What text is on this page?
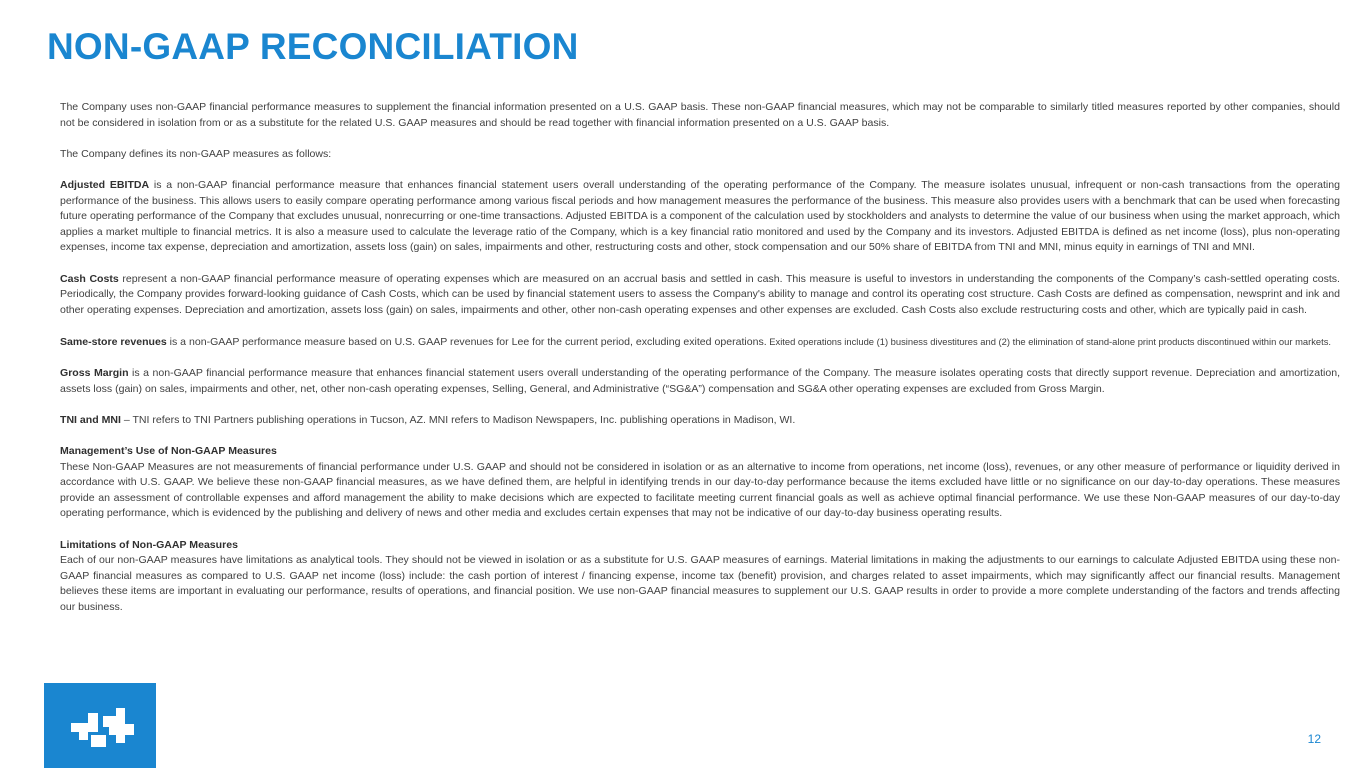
NON-GAAP RECONCILIATION

The Company uses non-GAAP financial performance measures to supplement the financial information presented on a U.S. GAAP basis. These non-GAAP financial measures, which may not be comparable to similarly titled measures reported by other companies, should not be considered in isolation from or as a substitute for the related U.S. GAAP measures and should be read together with financial information presented on a U.S. GAAP basis.

The Company defines its non-GAAP measures as follows:

Adjusted EBITDA is a non-GAAP financial performance measure that enhances financial statement users overall understanding of the operating performance of the Company. The measure isolates unusual, infrequent or non-cash transactions from the operating performance of the business. This allows users to easily compare operating performance among various fiscal periods and how management measures the performance of the business. This measure also provides users with a benchmark that can be used when forecasting future operating performance of the Company that excludes unusual, nonrecurring or one-time transactions. Adjusted EBITDA is a component of the calculation used by stockholders and analysts to determine the value of our business when using the market approach, which applies a market multiple to financial metrics. It is also a measure used to calculate the leverage ratio of the Company, which is a key financial ratio monitored and used by the Company and its investors. Adjusted EBITDA is defined as net income (loss), plus non-operating expenses, income tax expense, depreciation and amortization, assets loss (gain) on sales, impairments and other, restructuring costs and other, stock compensation and our 50% share of EBITDA from TNI and MNI, minus equity in earnings of TNI and MNI.

Cash Costs represent a non-GAAP financial performance measure of operating expenses which are measured on an accrual basis and settled in cash. This measure is useful to investors in understanding the components of the Company’s cash-settled operating costs. Periodically, the Company provides forward-looking guidance of Cash Costs, which can be used by financial statement users to assess the Company's ability to manage and control its operating cost structure. Cash Costs are defined as compensation, newsprint and ink and other operating expenses. Depreciation and amortization, assets loss (gain) on sales, impairments and other, other non-cash operating expenses and other expenses are excluded. Cash Costs also exclude restructuring costs and other, which are typically paid in cash.

Same-store revenues is a non-GAAP performance measure based on U.S. GAAP revenues for Lee for the current period, excluding exited operations. Exited operations include (1) business divestitures and (2) the elimination of stand-alone print products discontinued within our markets.

Gross Margin is a non-GAAP financial performance measure that enhances financial statement users overall understanding of the operating performance of the Company. The measure isolates operating costs that directly support revenue. Depreciation and amortization, assets loss (gain) on sales, impairments and other, net, other non-cash operating expenses, Selling, General, and Administrative (“SG&A”) compensation and SG&A other operating expenses are excluded from Gross Margin.

TNI and MNI – TNI refers to TNI Partners publishing operations in Tucson, AZ. MNI refers to Madison Newspapers, Inc. publishing operations in Madison, WI.

Management’s Use of Non-GAAP Measures
These Non-GAAP Measures are not measurements of financial performance under U.S. GAAP and should not be considered in isolation or as an alternative to income from operations, net income (loss), revenues, or any other measure of performance or liquidity derived in accordance with U.S. GAAP. We believe these non-GAAP financial measures, as we have defined them, are helpful in identifying trends in our day-to-day performance because the items excluded have little or no significance on our day-to-day operations. These measures provide an assessment of controllable expenses and afford management the ability to make decisions which are expected to facilitate meeting current financial goals as well as achieve optimal financial performance. We use these Non-GAAP measures of our day-to-day operating performance, which is evidenced by the publishing and delivery of news and other media and excludes certain expenses that may not be indicative of our day-to-day business operating results.

Limitations of Non-GAAP Measures
Each of our non-GAAP measures have limitations as analytical tools. They should not be viewed in isolation or as a substitute for U.S. GAAP measures of earnings. Material limitations in making the adjustments to our earnings to calculate Adjusted EBITDA using these non-GAAP financial measures as compared to U.S. GAAP net income (loss) include: the cash portion of interest / financing expense, income tax (benefit) provision, and charges related to asset impairments, which may significantly affect our financial results. Management believes these items are important in evaluating our performance, results of operations, and financial position. We use non-GAAP financial measures to supplement our U.S. GAAP results in order to provide a more complete understanding of the factors and trends affecting our business.

12
